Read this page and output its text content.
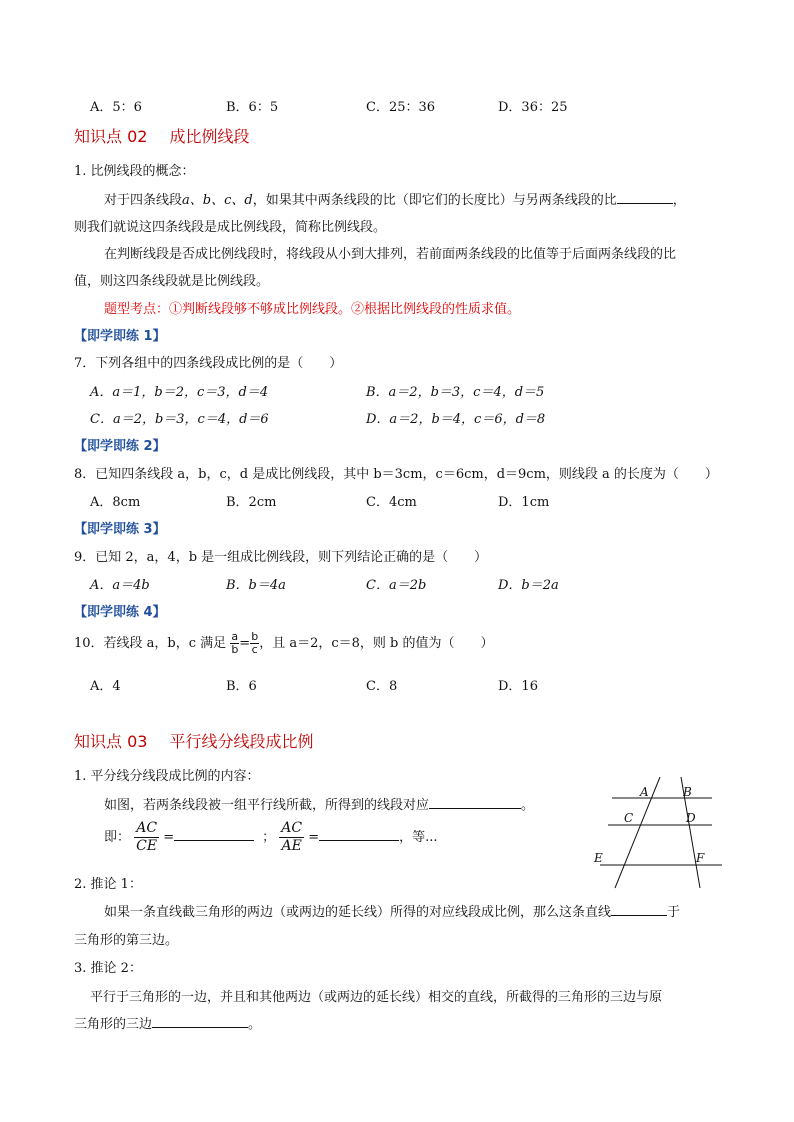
A．5：6	B．6：5	C．25：36	D．36：25
知识点 02 成比例线段
1. 比例线段的概念：
对于四条线段a、b、c、d，如果其中两条线段的比（即它们的长度比）与另两条线段的比	，
则我们就说这四条线段是成比例线段，简称比例线段。
在判断线段是否成比例线段时，将线段从小到大排列，若前面两条线段的比值等于后面两条线段的比
值，则这四条线段就是比例线段。
题型考点：①判断线段够不够成比例线段。②根据比例线段的性质求值。
【即学即练 1】
7．下列各组中的四条线段成比例的是（　　）
A．a＝1，b＝2，c＝3，d＝4	B．a＝2，b＝3，c＝4，d＝5
C．a＝2，b＝3，c＝4，d＝6	D．a＝2，b＝4，c＝6，d＝8
【即学即练 2】
8．已知四条线段 a，b，c，d 是成比例线段，其中 b＝3cm，c＝6cm，d＝9cm，则线段 a 的长度为（　　）
A．8cm	B．2cm	C．4cm	D．1cm
【即学即练 3】
9．已知 2，a，4，b 是一组成比例线段，则下列结论正确的是（　　）
A．a＝4b	B．b＝4a	C．a＝2b	D．b＝2a
【即学即练 4】
10．若线段 a，b，c 满足 $\frac{a}{b} = \frac{b}{c}$ ，且 a＝2，c＝8，则 b 的值为（　　）
A．4	B．6	C．8	D．16
知识点 03 平行线分线段成比例
1. 平分线分线段成比例的内容：
如图，若两条线段被一组平行线所截，所得到的线段对应	。
即： $\frac{AC}{CE}$ =	； $\frac{AC}{AE}$ =	，等...
2. 推论 1：
如果一条直线截三角形的两边（或两边的延长线）所得的对应线段成比例，那么这条直线	于
三角形的第三边。
3. 推论 2：
平行于三角形的一边，并且和其他两边（或两边的延长线）相交的直线，所截得的三角形的三边与原
三角形的三边	。
A	B
C	D
E	F
